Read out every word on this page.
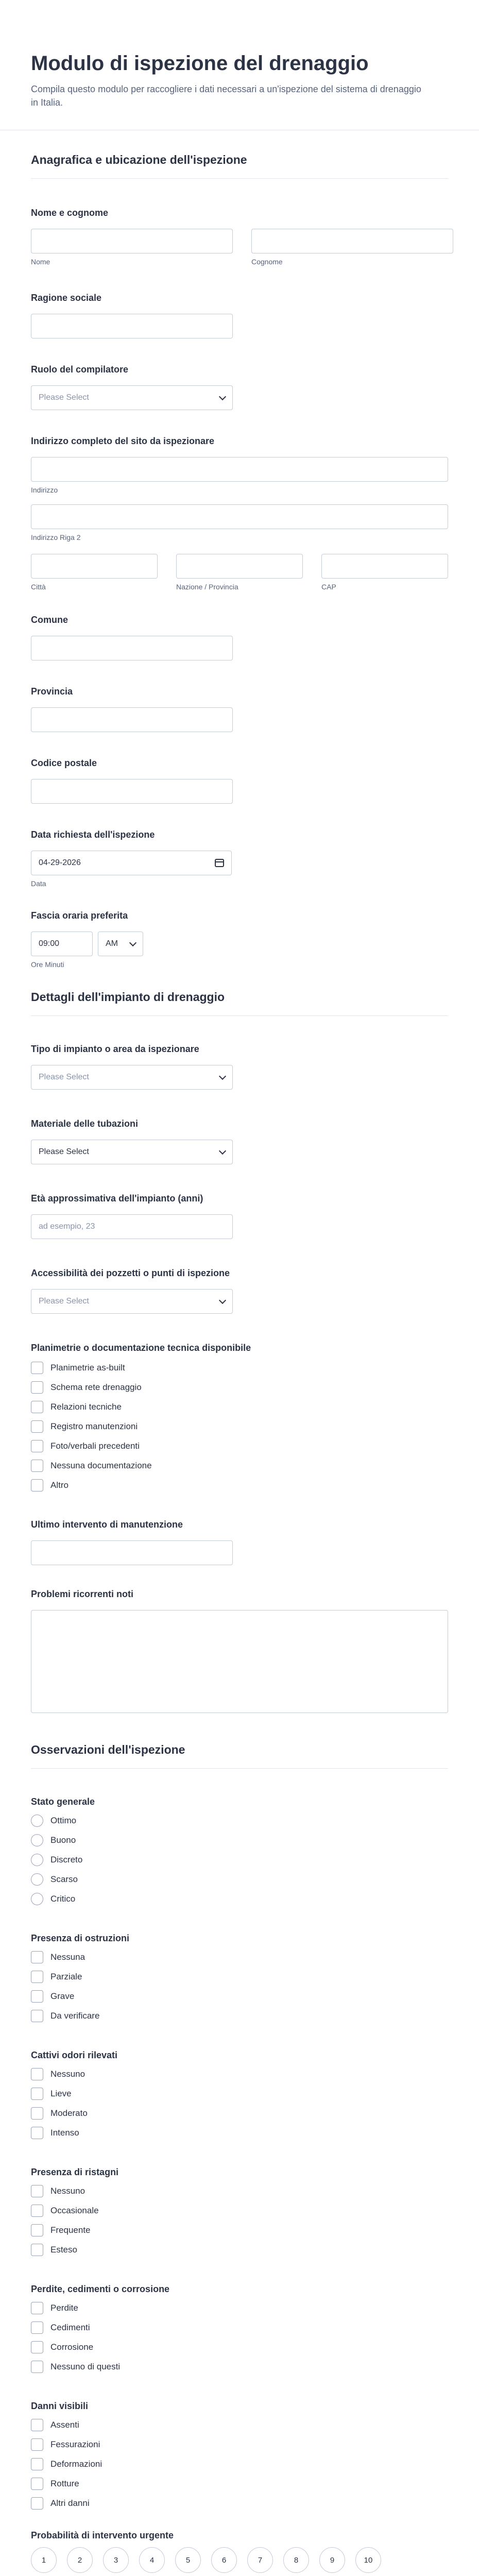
Modulo di ispezione del drenaggio
Compila questo modulo per raccogliere i dati necessari a un'ispezione del sistema di drenaggio in Italia.
Anagrafica e ubicazione dell'ispezione
Nome e cognome
Nome	Cognome
Ragione sociale
Ruolo del compilatore
Please Select
Indirizzo completo del sito da ispezionare
Indirizzo
Indirizzo Riga 2
Città	Nazione / Provincia	CAP
Comune
Provincia
Codice postale
Data richiesta dell'ispezione
04-29-2026
Data
Fascia oraria preferita
09:00	AM
Ore Minuti
Dettagli dell'impianto di drenaggio
Tipo di impianto o area da ispezionare
Please Select
Materiale delle tubazioni
Please Select
Età approssimativa dell'impianto (anni)
ad esempio, 23
Accessibilità dei pozzetti o punti di ispezione
Please Select
Planimetrie o documentazione tecnica disponibile
Planimetrie as-built
Schema rete drenaggio
Relazioni tecniche
Registro manutenzioni
Foto/verbali precedenti
Nessuna documentazione
Altro
Ultimo intervento di manutenzione
Problemi ricorrenti noti
Osservazioni dell'ispezione
Stato generale
Ottimo
Buono
Discreto
Scarso
Critico
Presenza di ostruzioni
Nessuna
Parziale
Grave
Da verificare
Cattivi odori rilevati
Nessuno
Lieve
Moderato
Intenso
Presenza di ristagni
Nessuno
Occasionale
Frequente
Esteso
Perdite, cedimenti o corrosione
Perdite
Cedimenti
Corrosione
Nessuno di questi
Danni visibili
Assenti
Fessurazioni
Deformazioni
Rotture
Altri danni
Probabilità di intervento urgente
1	2	3	4	5	6	7	8	9	10
